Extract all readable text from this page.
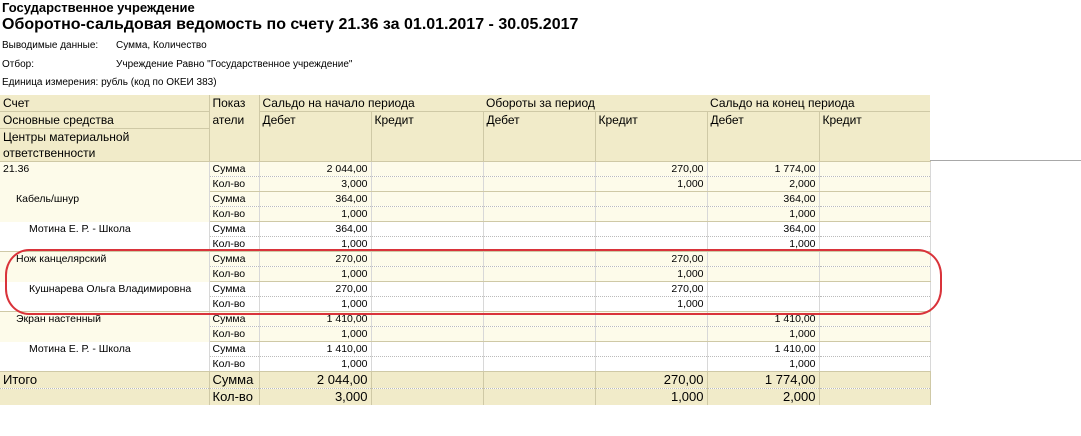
Государственное учреждение
Оборотно-сальдовая ведомость по счету 21.36 за 01.01.2017 - 30.05.2017
Выводимые данные: Сумма, Количество
Отбор:	Учреждение Равно "Государственное учреждение"
Единица измерения: рубль (код по ОКЕИ 383)
Счет	Показ	Сальдо на начало периода		Обороты за период		Сальдо на конец периода	
Основные средства	атели	Дебет	Кредит	Дебет	Кредит	Дебет	Кредит
Центры материальной							
ответственности							
21.36	Сумма	2 044,00			270,00	1 774,00	
	Кол-во	3,000			1,000	2,000	
Кабель/шнур	Сумма	364,00				364,00	
	Кол-во	1,000				1,000	
Мотина Е. Р. - Школа	Сумма	364,00				364,00	
	Кол-во	1,000				1,000	
Нож канцелярский	Сумма	270,00			270,00		
	Кол-во	1,000			1,000		
Кушнарева Ольга Владимировна	Сумма	270,00			270,00		
	Кол-во	1,000			1,000		
Экран настенный	Сумма	1 410,00				1 410,00	
	Кол-во	1,000				1,000	
Мотина Е. Р. - Школа	Сумма	1 410,00				1 410,00	
	Кол-во	1,000				1,000	
Итого	Сумма	2 044,00			270,00	1 774,00	
	Кол-во	3,000			1,000	2,000	
